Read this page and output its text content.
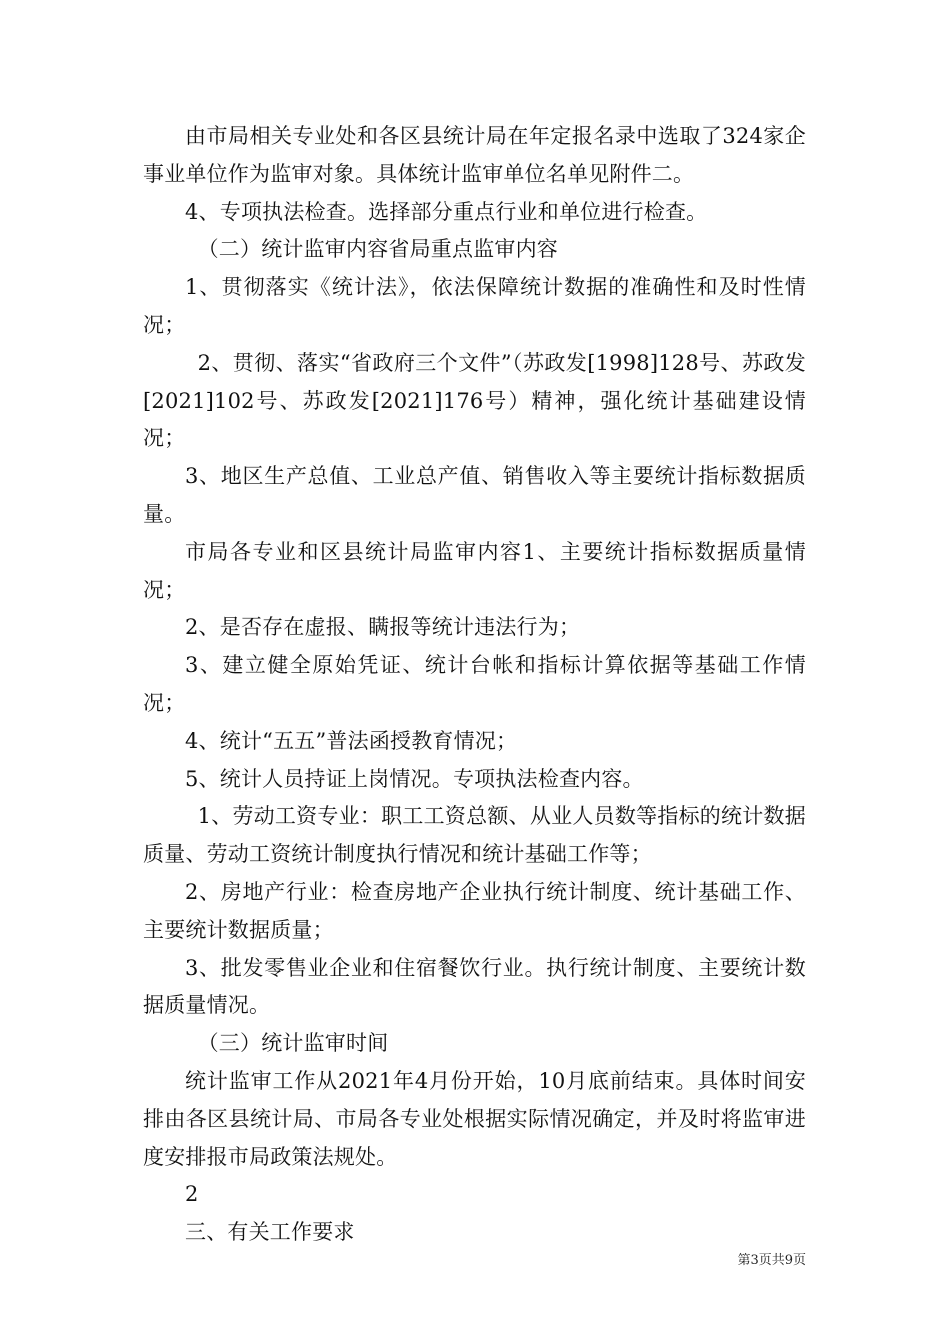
由市局相关专业处和各区县统计局在年定报名录中选取了324家企事业单位作为监审对象。具体统计监审单位名单见附件二。

4、专项执法检查。选择部分重点行业和单位进行检查。

（二）统计监审内容省局重点监审内容

1、贯彻落实《统计法》，依法保障统计数据的准确性和及时性情况；

2、贯彻、落实“省政府三个文件”（苏政发[1998]128号、苏政发[2021]102号、苏政发[2021]176号）精神，强化统计基础建设情况；

3、地区生产总值、工业总产值、销售收入等主要统计指标数据质量。

市局各专业和区县统计局监审内容1、主要统计指标数据质量情况；

2、是否存在虚报、瞒报等统计违法行为；

3、建立健全原始凭证、统计台帐和指标计算依据等基础工作情况；

4、统计“五五”普法函授教育情况；

5、统计人员持证上岗情况。专项执法检查内容。

1、劳动工资专业：职工工资总额、从业人员数等指标的统计数据质量、劳动工资统计制度执行情况和统计基础工作等；

2、房地产行业：检查房地产企业执行统计制度、统计基础工作、主要统计数据质量；

3、批发零售业企业和住宿餐饮行业。执行统计制度、主要统计数据质量情况。

（三）统计监审时间

统计监审工作从2021年4月份开始，10月底前结束。具体时间安排由各区县统计局、市局各专业处根据实际情况确定，并及时将监审进度安排报市局政策法规处。

2

三、有关工作要求

第3页共9页
